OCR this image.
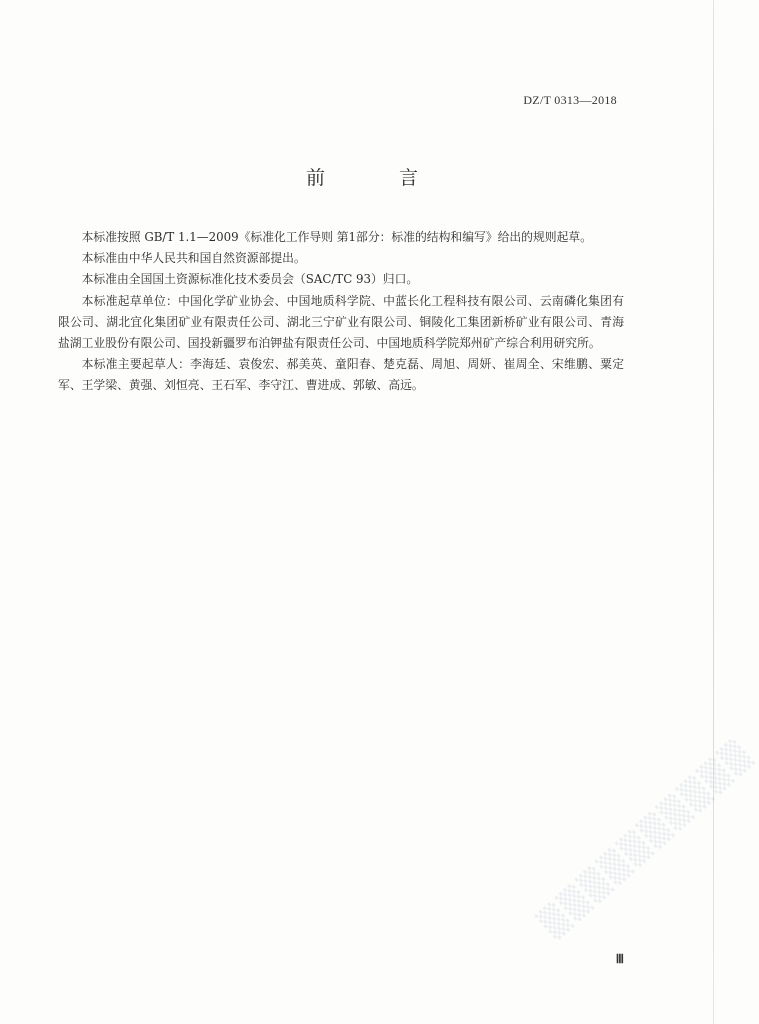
DZ/T 0313—2018
前 言

本标准按照 GB/T 1.1—2009《标准化工作导则 第1部分：标准的结构和编写》给出的规则起草。

本标准由中华人民共和国自然资源部提出。

本标准由全国国土资源标准化技术委员会（SAC/TC 93）归口。

本标准起草单位：中国化学矿业协会、中国地质科学院、中蓝长化工程科技有限公司、云南磷化集团有限公司、湖北宜化集团矿业有限责任公司、湖北三宁矿业有限公司、铜陵化工集团新桥矿业有限公司、青海盐湖工业股份有限公司、国投新疆罗布泊钾盐有限责任公司、中国地质科学院郑州矿产综合利用研究所。

本标准主要起草人：李海廷、袁俊宏、郝美英、童阳春、楚克磊、周旭、周妍、崔周全、宋维鹏、粟定军、王学梁、黄强、刘恒亮、王石军、李守江、曹进成、郭敏、高远。

Ⅲ
▒▒▒▒▒▒▒▒▒▒
